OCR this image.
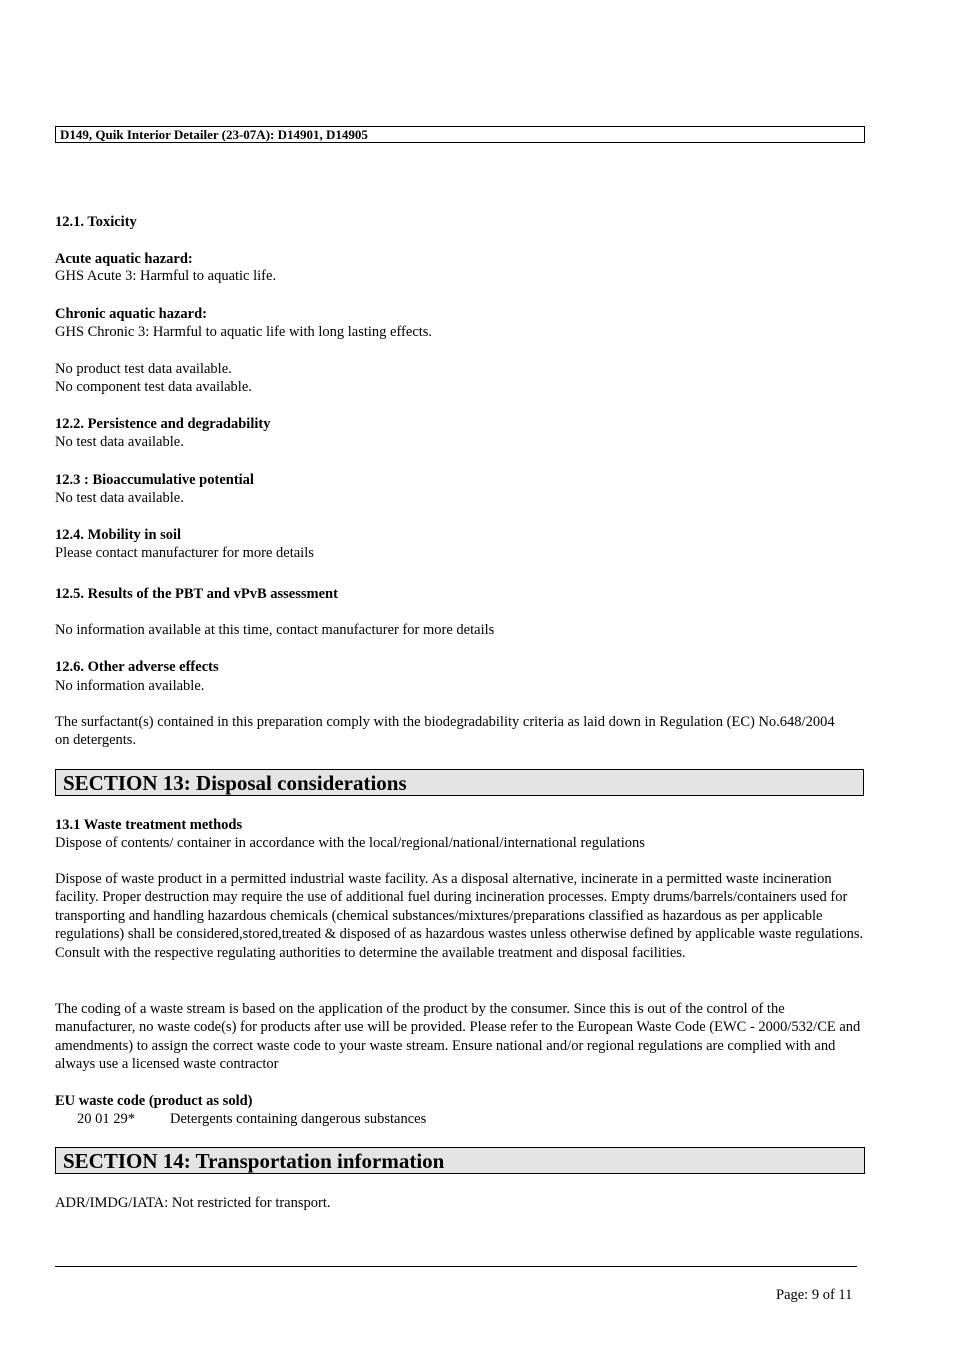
D149, Quik Interior Detailer (23-07A): D14901, D14905
12.1. Toxicity
Acute aquatic hazard:
GHS Acute 3: Harmful to aquatic life.
Chronic aquatic hazard:
GHS Chronic 3: Harmful to aquatic life with long lasting effects.
No product test data available.
No component test data available.
12.2. Persistence and degradability
No test data available.
12.3 : Bioaccumulative potential
No test data available.
12.4. Mobility in soil
Please contact manufacturer for more details
12.5. Results of the PBT and vPvB assessment
No information available at this time, contact manufacturer for more details
12.6. Other adverse effects
No information available.
The surfactant(s) contained in this preparation comply with the biodegradability criteria as laid down in Regulation (EC) No.648/2004 on detergents.
SECTION 13: Disposal considerations
13.1 Waste treatment methods
Dispose of contents/ container in accordance with the local/regional/national/international regulations
Dispose of waste product in a permitted industrial waste facility. As a disposal alternative, incinerate in a permitted waste incineration facility. Proper destruction may require the use of additional fuel during incineration processes. Empty drums/barrels/containers used for transporting and handling hazardous chemicals (chemical substances/mixtures/preparations classified as hazardous as per applicable regulations) shall be considered,stored,treated & disposed of as hazardous wastes unless otherwise defined by applicable waste regulations. Consult with the respective regulating authorities to determine the available treatment and disposal facilities.
The coding of a waste stream is based on the application of the product by the consumer. Since this is out of the control of the manufacturer, no waste code(s) for products after use will be provided. Please refer to the European Waste Code (EWC - 2000/532/CE and amendments) to assign the correct waste code to your waste stream. Ensure national and/or regional regulations are complied with and always use a licensed waste contractor
EU waste code (product as sold)
20 01 29* Detergents containing dangerous substances
SECTION 14: Transportation information
ADR/IMDG/IATA: Not restricted for transport.
Page: 9 of 11
